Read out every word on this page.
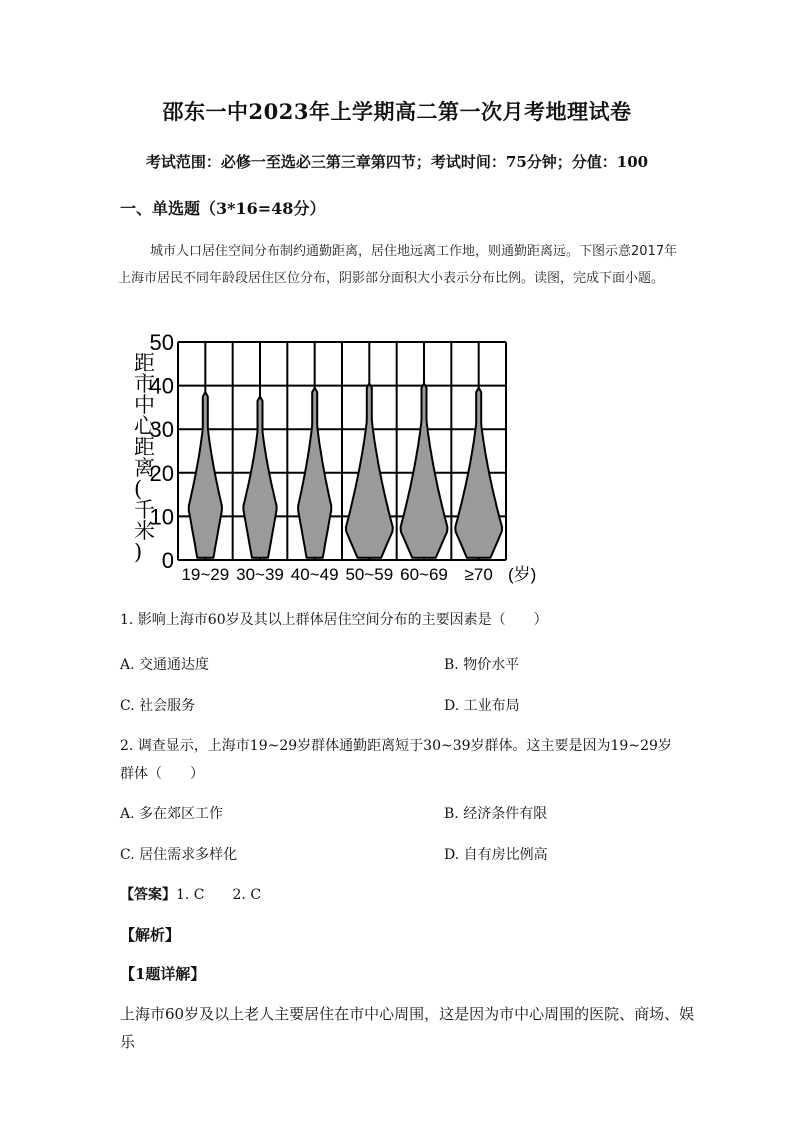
邵东一中2023年上学期高二第一次月考地理试卷
考试范围：必修一至选必三第三章第四节；考试时间：75分钟；分值：100
一、单选题（3*16=48分）
城市人口居住空间分布制约通勤距离，居住地远离工作地，则通勤距离远。下图示意2017年上海市居民不同年龄段居住区位分布，阴影部分面积大小表示分布比例。读图，完成下面小题。
0
10
20
30
40
50
19~29 30~39 40~49 50~59 60~69 ≥70 (岁)
距市中心距离(千米)
1. 影响上海市60岁及其以上群体居住空间分布的主要因素是（　　）
A. 交通通达度	B. 物价水平
C. 社会服务	D. 工业布局
2. 调查显示，上海市19~29岁群体通勤距离短于30~39岁群体。这主要是因为19~29岁群体（　　）
A. 多在郊区工作	B. 经济条件有限
C. 居住需求多样化	D. 自有房比例高
【答案】1. C　　2. C
【解析】
【1题详解】
上海市60岁及以上老人主要居住在市中心周围，这是因为市中心周围的医院、商场、娱乐
